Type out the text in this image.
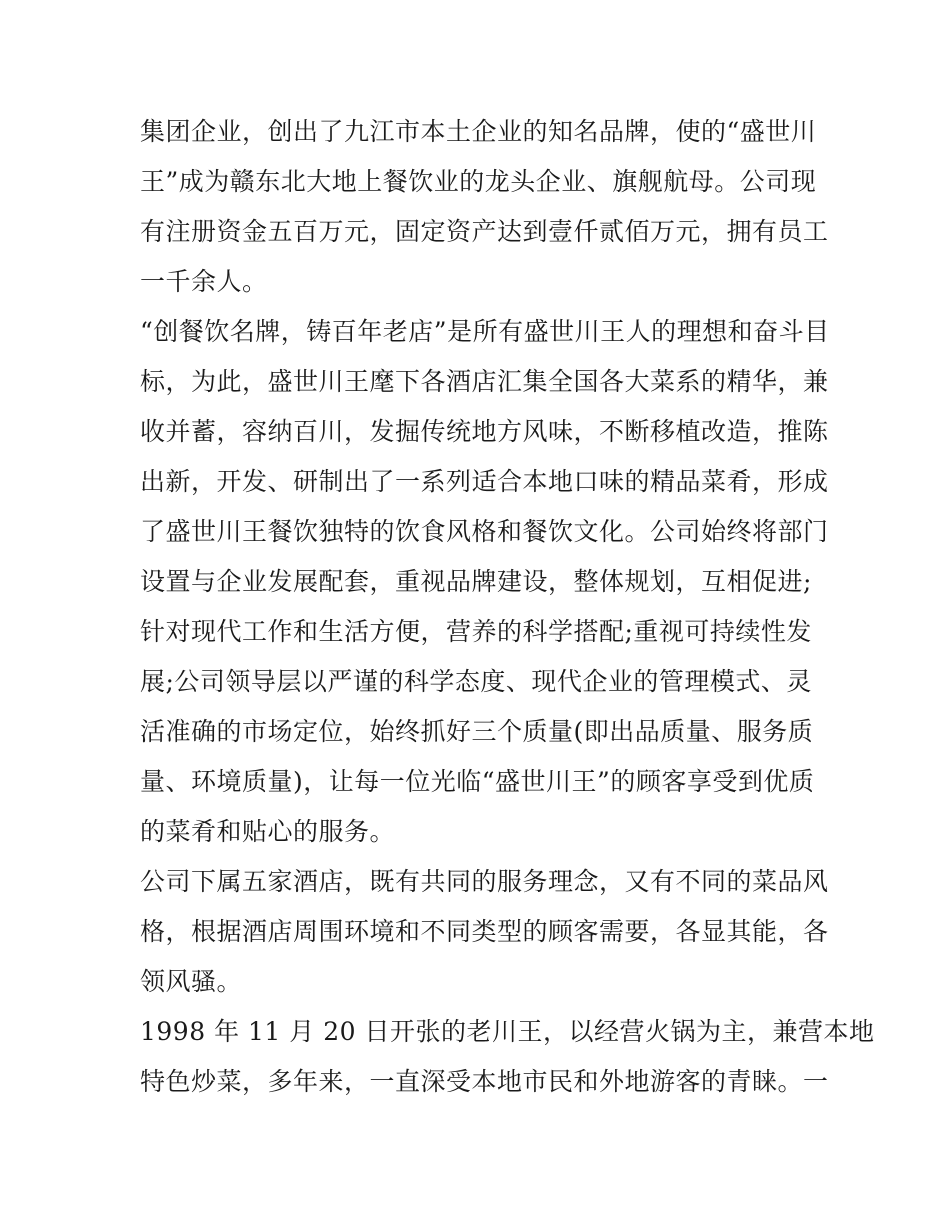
集团企业，创出了九江市本土企业的知名品牌，使的“盛世川
王”成为赣东北大地上餐饮业的龙头企业、旗舰航母。公司现
有注册资金五百万元，固定资产达到壹仟贰佰万元，拥有员工
一千余人。
“创餐饮名牌，铸百年老店”是所有盛世川王人的理想和奋斗目
标，为此，盛世川王麾下各酒店汇集全国各大菜系的精华，兼
收并蓄，容纳百川，发掘传统地方风味，不断移植改造，推陈
出新，开发、研制出了一系列适合本地口味的精品菜肴，形成
了盛世川王餐饮独特的饮食风格和餐饮文化。公司始终将部门
设置与企业发展配套，重视品牌建设，整体规划，互相促进;
针对现代工作和生活方便，营养的科学搭配;重视可持续性发
展;公司领导层以严谨的科学态度、现代企业的管理模式、灵
活准确的市场定位，始终抓好三个质量(即出品质量、服务质
量、环境质量)，让每一位光临“盛世川王”的顾客享受到优质
的菜肴和贴心的服务。
公司下属五家酒店，既有共同的服务理念，又有不同的菜品风
格，根据酒店周围环境和不同类型的顾客需要，各显其能，各
领风骚。
1998 年 11 月 20 日开张的老川王，以经营火锅为主，兼营本地
特色炒菜，多年来，一直深受本地市民和外地游客的青睐。一
